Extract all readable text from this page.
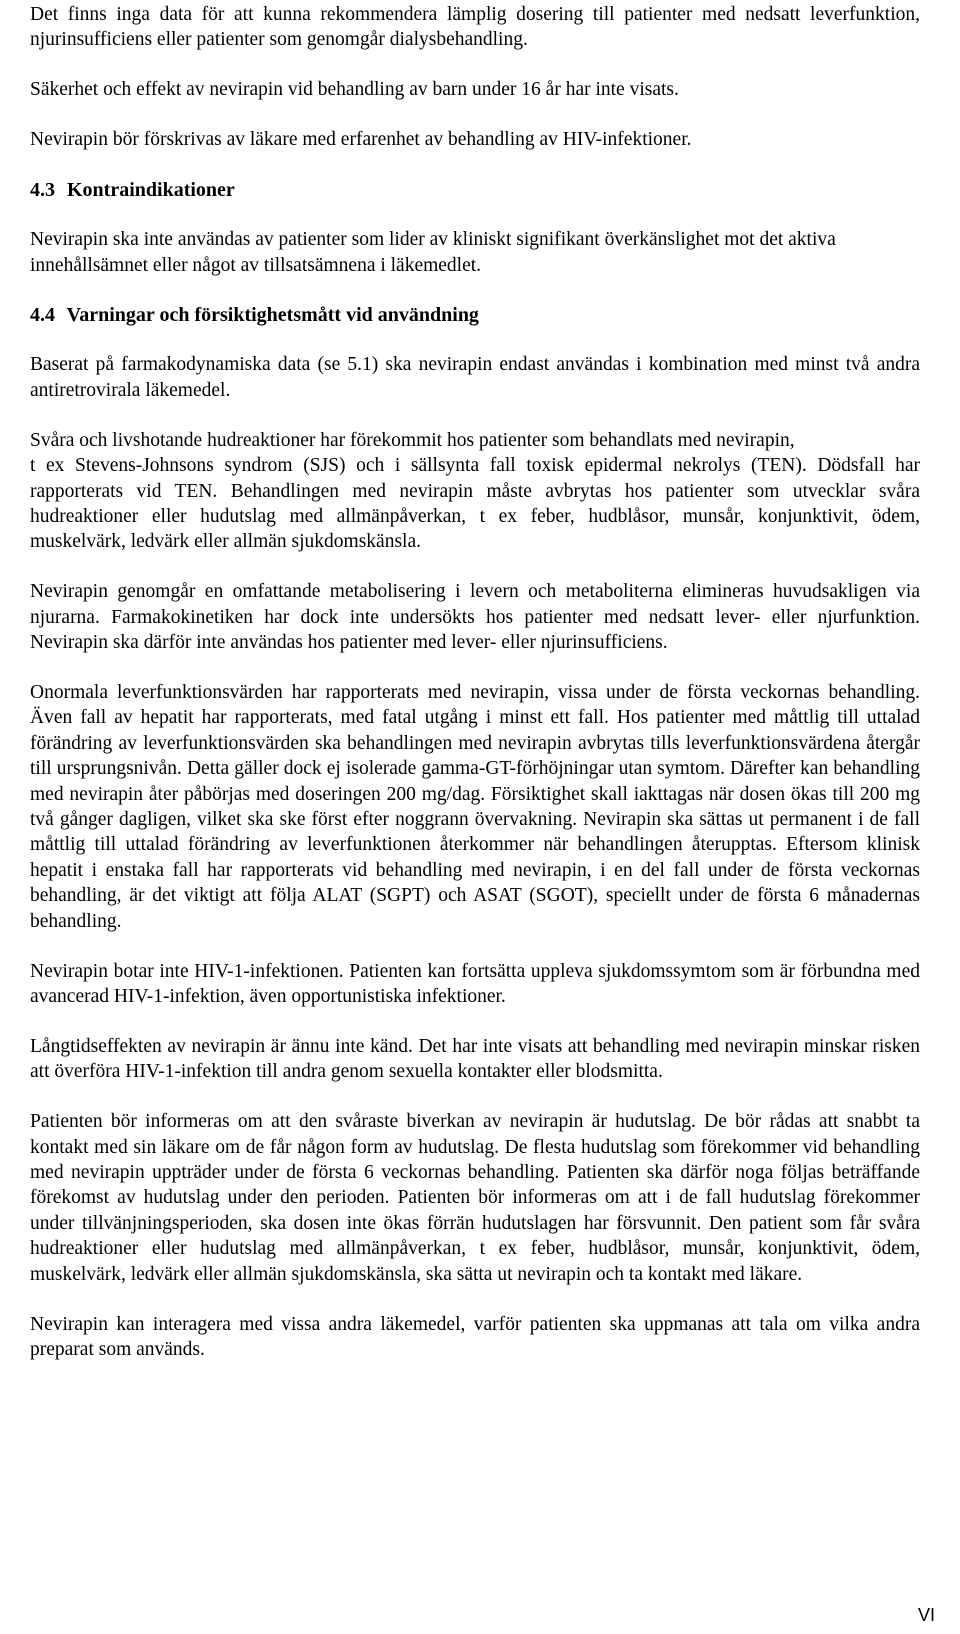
Det finns inga data för att kunna rekommendera lämplig dosering till patienter med nedsatt leverfunktion, njurinsufficiens eller patienter som genomgår dialysbehandling.

Säkerhet och effekt av nevirapin vid behandling av barn under 16 år har inte visats.

Nevirapin bör förskrivas av läkare med erfarenhet av behandling av HIV-infektioner.

4.3 Kontraindikationer

Nevirapin ska inte användas av patienter som lider av kliniskt signifikant överkänslighet mot det aktiva innehållsämnet eller något av tillsatsämnena i läkemedlet.

4.4 Varningar och försiktighetsmått vid användning

Baserat på farmakodynamiska data (se 5.1) ska nevirapin endast användas i kombination med minst två andra antiretrovirala läkemedel.

Svåra och livshotande hudreaktioner har förekommit hos patienter som behandlats med nevirapin,

t ex Stevens-Johnsons syndrom (SJS) och i sällsynta fall toxisk epidermal nekrolys (TEN). Dödsfall har rapporterats vid TEN. Behandlingen med nevirapin måste avbrytas hos patienter som utvecklar svåra hudreaktioner eller hudutslag med allmänpåverkan, t ex feber, hudblåsor, munsår, konjunktivit, ödem, muskelvärk, ledvärk eller allmän sjukdomskänsla.

Nevirapin genomgår en omfattande metabolisering i levern och metaboliterna elimineras huvudsakligen via njurarna. Farmakokinetiken har dock inte undersökts hos patienter med nedsatt lever- eller njurfunktion. Nevirapin ska därför inte användas hos patienter med lever- eller njurinsufficiens.

Onormala leverfunktionsvärden har rapporterats med nevirapin, vissa under de första veckornas behandling. Även fall av hepatit har rapporterats, med fatal utgång i minst ett fall. Hos patienter med måttlig till uttalad förändring av leverfunktionsvärden ska behandlingen med nevirapin avbrytas tills leverfunktionsvärdena återgår till ursprungsnivån. Detta gäller dock ej isolerade gamma-GT-förhöjningar utan symtom. Därefter kan behandling med nevirapin åter påbörjas med doseringen 200 mg/dag. Försiktighet skall iakttagas när dosen ökas till 200 mg två gånger dagligen, vilket ska ske först efter noggrann övervakning. Nevirapin ska sättas ut permanent i de fall måttlig till uttalad förändring av leverfunktionen återkommer när behandlingen återupptas. Eftersom klinisk hepatit i enstaka fall har rapporterats vid behandling med nevirapin, i en del fall under de första veckornas behandling, är det viktigt att följa ALAT (SGPT) och ASAT (SGOT), speciellt under de första 6 månadernas behandling.

Nevirapin botar inte HIV-1-infektionen. Patienten kan fortsätta uppleva sjukdomssymtom som är förbundna med avancerad HIV-1-infektion, även opportunistiska infektioner.

Långtidseffekten av nevirapin är ännu inte känd. Det har inte visats att behandling med nevirapin minskar risken att överföra HIV-1-infektion till andra genom sexuella kontakter eller blodsmitta.

Patienten bör informeras om att den svåraste biverkan av nevirapin är hudutslag. De bör rådas att snabbt ta kontakt med sin läkare om de får någon form av hudutslag. De flesta hudutslag som förekommer vid behandling med nevirapin uppträder under de första 6 veckornas behandling. Patienten ska därför noga följas beträffande förekomst av hudutslag under den perioden. Patienten bör informeras om att i de fall hudutslag förekommer under tillvänjningsperioden, ska dosen inte ökas förrän hudutslagen har försvunnit. Den patient som får svåra hudreaktioner eller hudutslag med allmänpåverkan, t ex feber, hudblåsor, munsår, konjunktivit, ödem, muskelvärk, ledvärk eller allmän sjukdomskänsla, ska sätta ut nevirapin och ta kontakt med läkare.

Nevirapin kan interagera med vissa andra läkemedel, varför patienten ska uppmanas att tala om vilka andra preparat som används.

VI
